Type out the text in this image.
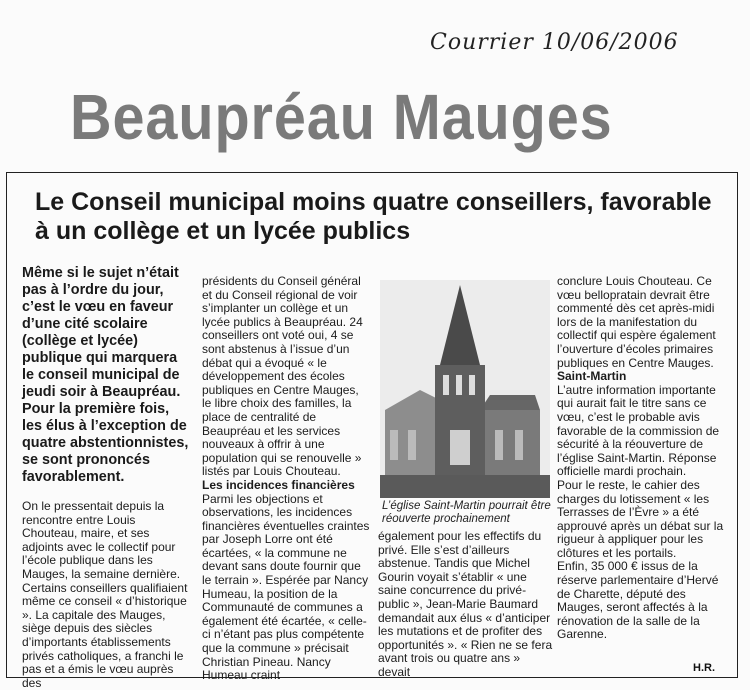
Courrier 10/06/2006
Beaupréau Mauges
Le Conseil municipal moins quatre conseillers, favorable à un collège et un lycée publics
Même si le sujet n’était pas à l’ordre du jour, c’est le vœu en faveur d’une cité scolaire (collège et lycée) publique qui marquera le conseil municipal de jeudi soir à Beaupréau. Pour la première fois, les élus à l’exception de quatre abstentionnistes, se sont prononcés favorablement.

On le pressentait depuis la rencontre entre Louis Chouteau, maire, et ses adjoints avec le collectif pour l’école publique dans les Mauges, la semaine dernière. Certains conseillers qualifiaient même ce conseil « d’historique ». La capitale des Mauges, siège depuis des siècles d’importants établissements privés catholiques, a franchi le pas et a émis le vœu auprès des

présidents du Conseil général et du Conseil régional de voir s’implanter un collège et un lycée publics à Beaupréau. 24 conseillers ont voté oui, 4 se sont abstenus à l’issue d’un débat qui a évoqué « le développement des écoles publiques en Centre Mauges, le libre choix des familles, la place de centralité de Beaupréau et les services nouveaux à offrir à une population qui se renouvelle » listés par Louis Chouteau.

Les incidences financières

Parmi les objections et observations, les incidences financières éventuelles craintes par Joseph Lorre ont été écartées, « la commune ne devant sans doute fournir que le terrain ». Espérée par Nancy Humeau, la position de la Communauté de communes a également été écartée, « celle-ci n’étant pas plus compétente que la commune » précisait Christian Pineau. Nancy Humeau craint

L’église Saint-Martin pourrait être réouverte prochainement

également pour les effectifs du privé. Elle s’est d’ailleurs abstenue. Tandis que Michel Gourin voyait s’établir « une saine concurrence du privé-public », Jean-Marie Baumard demandait aux élus « d’anticiper les mutations et de profiter des opportunités ». « Rien ne se fera avant trois ou quatre ans » devait

conclure Louis Chouteau. Ce vœu bellopratain devrait être commenté dès cet après-midi lors de la manifestation du collectif qui espère également l’ouverture d’écoles primaires publiques en Centre Mauges.

Saint-Martin

L’autre information importante qui aurait fait le titre sans ce vœu, c’est le probable avis favorable de la commission de sécurité à la réouverture de l’église Saint-Martin. Réponse officielle mardi prochain.

Pour le reste, le cahier des charges du lotissement « les Terrasses de l’Èvre » a été approuvé après un débat sur la rigueur à appliquer pour les clôtures et les portails.

Enfin, 35 000 € issus de la réserve parlementaire d’Hervé de Charette, député des Mauges, seront affectés à la rénovation de la salle de la Garenne.

H.R.
